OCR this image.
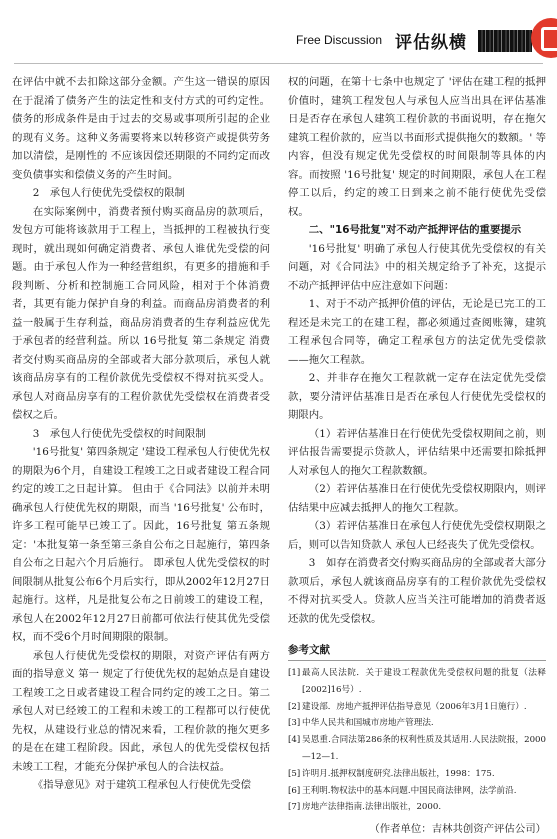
Free Discussion 评估纵横

在评估中就不去扣除这部分金额。产生这一错误的原因在于混淆了债务产生的法定性和支付方式的可约定性。债务的形成条件是由于过去的交易或事项所引起的企业的现有义务。这种义务需要将来以转移资产或提供劳务加以清偿，是刚性的 不应该因偿还期限的不同约定而改变负债事实和偿债义务的产生时间。

2　承包人行使优先受偿权的限制

在实际案例中，消费者预付购买商品房的款项后，发包方可能将该款用于工程上，当抵押的工程被执行变现时，就出现如何确定消费者、承包人谁优先受偿的问题。由于承包人作为一种经营组织，有更多的措施和手段判断、分析和控制施工合同风险，相对于个体消费者，其更有能力保护自身的利益。而商品房消费者的利益一般属于生存利益，商品房消费者的生存利益应优先于承包者的经营利益。所以 16号批复 第二条规定 消费者交付购买商品房的全部或者大部分款项后，承包人就该商品房享有的工程价款优先受偿权不得对抗买受人。 承包人对商品房享有的工程价款优先受偿权在消费者受偿权之后。

3　承包人行使优先受偿权的时间限制

'16号批复' 第四条规定 '建设工程承包人行使优先权的期限为6个月，自建设工程竣工之日或者建设工程合同约定的竣工之日起计算。 但由于《合同法》以前并未明确承包人行使优先权的期限，而当 '16号批复' 公布时，许多工程可能早已竣工了。因此，16号批复 第五条规定：'本批复第一条至第三条自公布之日起施行，第四条自公布之日起六个月后施行。 即承包人优先受偿权的时间限制从批复公布6个月后实行，即从2002年12月27日起施行。这样，凡是批复公布之日前竣工的建设工程，承包人在2002年12月27日前都可依法行使其优先受偿权，而不受6个月时间期限的限制。

承包人行使优先受偿权的期限，对资产评估有两方面的指导意义 第一 规定了行使优先权的起始点是自建设工程竣工之日或者建设工程合同约定的竣工之日。第二 承包人对已经竣工的工程和未竣工的工程都可以行使优先权，从建设行业总的情况来看，工程价款的拖欠更多的是在在建工程阶段。因此，承包人的优先受偿权包括未竣工工程，才能充分保护承包人的合法权益。

《指导意见》对于建筑工程承包人行使优先受偿

权的问题，在第十七条中也规定了 '评估在建工程的抵押价值时，建筑工程发包人与承包人应当出具在评估基准日是否存在承包人建筑工程价款的书面说明，存在拖欠建筑工程价款的，应当以书面形式提供拖欠的数额。' 等内容，但没有规定优先受偿权的时间限制等具体的内容。而按照 '16号批复' 规定的时间期限，承包人在工程停工以后，约定的竣工日到来之前不能行使优先受偿权。

二、"16号批复"对不动产抵押评估的重要提示

'16号批复' 明确了承包人行使其优先受偿权的有关问题，对《合同法》中的相关规定给予了补充，这提示不动产抵押评估中应注意如下问题：

1、对于不动产抵押价值的评估，无论是已完工的工程还是未完工的在建工程，都必须通过查阅账簿，建筑工程承包合同等，确定工程承包方的法定优先受偿款——拖欠工程款。

2、并非存在拖欠工程款就一定存在法定优先受偿款，要分清评估基准日是否在承包人行使优先受偿权的期限内。

（1）若评估基准日在行使优先受偿权期间之前，则评估报告需要提示贷款人，评估结果中还需要扣除抵押人对承包人的拖欠工程款数额。

（2）若评估基准日在行使优先受偿权期限内，则评估结果中应减去抵押人的拖欠工程款。

（3）若评估基准日在承包人行使优先受偿权期限之后，则可以告知贷款人 承包人已经丧失了优先受偿权。

3　如存在消费者交付购买商品房的全部或者大部分款项后，承包人就该商品房享有的工程价款优先受偿权不得对抗买受人。贷款人应当关注可能增加的消费者返还款的优先受偿权。

参考文献
[1] 最高人民法院．关于建设工程款优先受偿权问题的批复（法释[2002]16号）.
[2] 建设部．房地产抵押评估指导意见（2006年3月1日施行）.
[3] 中华人民共和国城市房地产管理法.
[4] 吴恩重.合同法第286条的权利性质及其适用.人民法院报，2000—12—1.
[5] 许明月.抵押权制度研究.法律出版社，1998：175.
[6] 王利明.物权法中的基本问题.中国民商法律网，法学前沿.
[7] 房地产法律指南.法律出版社，2000.
（作者单位：吉林共创资产评估公司）
